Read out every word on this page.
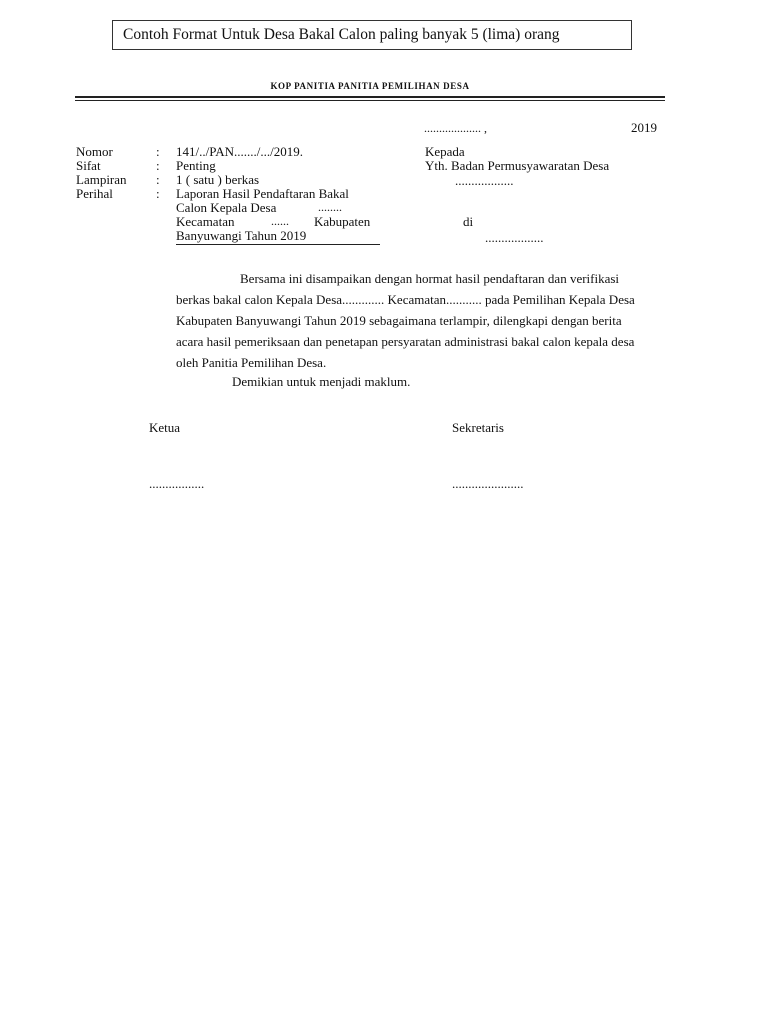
Contoh Format Untuk Desa Bakal Calon paling banyak 5 (lima) orang
KOP PANITIA PANITIA PEMILIHAN DESA
................... ,	2019
Nomor	: 141/../PAN......./.../2019.
Sifat	: Penting
Lampiran : 1 ( satu ) berkas
Perihal	: Laporan Hasil Pendaftaran Bakal
Calon Kepala Desa	........
Kecamatan	...... Kabupaten
Banyuwangi Tahun 2019
Kepada
Yth. Badan Permusyawaratan Desa
..................
di
..................
Bersama ini disampaikan dengan hormat hasil pendaftaran dan verifikasi
berkas bakal calon Kepala Desa............. Kecamatan........... pada Pemilihan Kepala Desa
Kabupaten Banyuwangi Tahun 2019 sebagaimana terlampir, dilengkapi dengan berita
acara hasil pemeriksaan dan penetapan persyaratan administrasi bakal calon kepala desa
oleh Panitia Pemilihan Desa.
Demikian untuk menjadi maklum.
Ketua	Sekretaris
.................	......................
